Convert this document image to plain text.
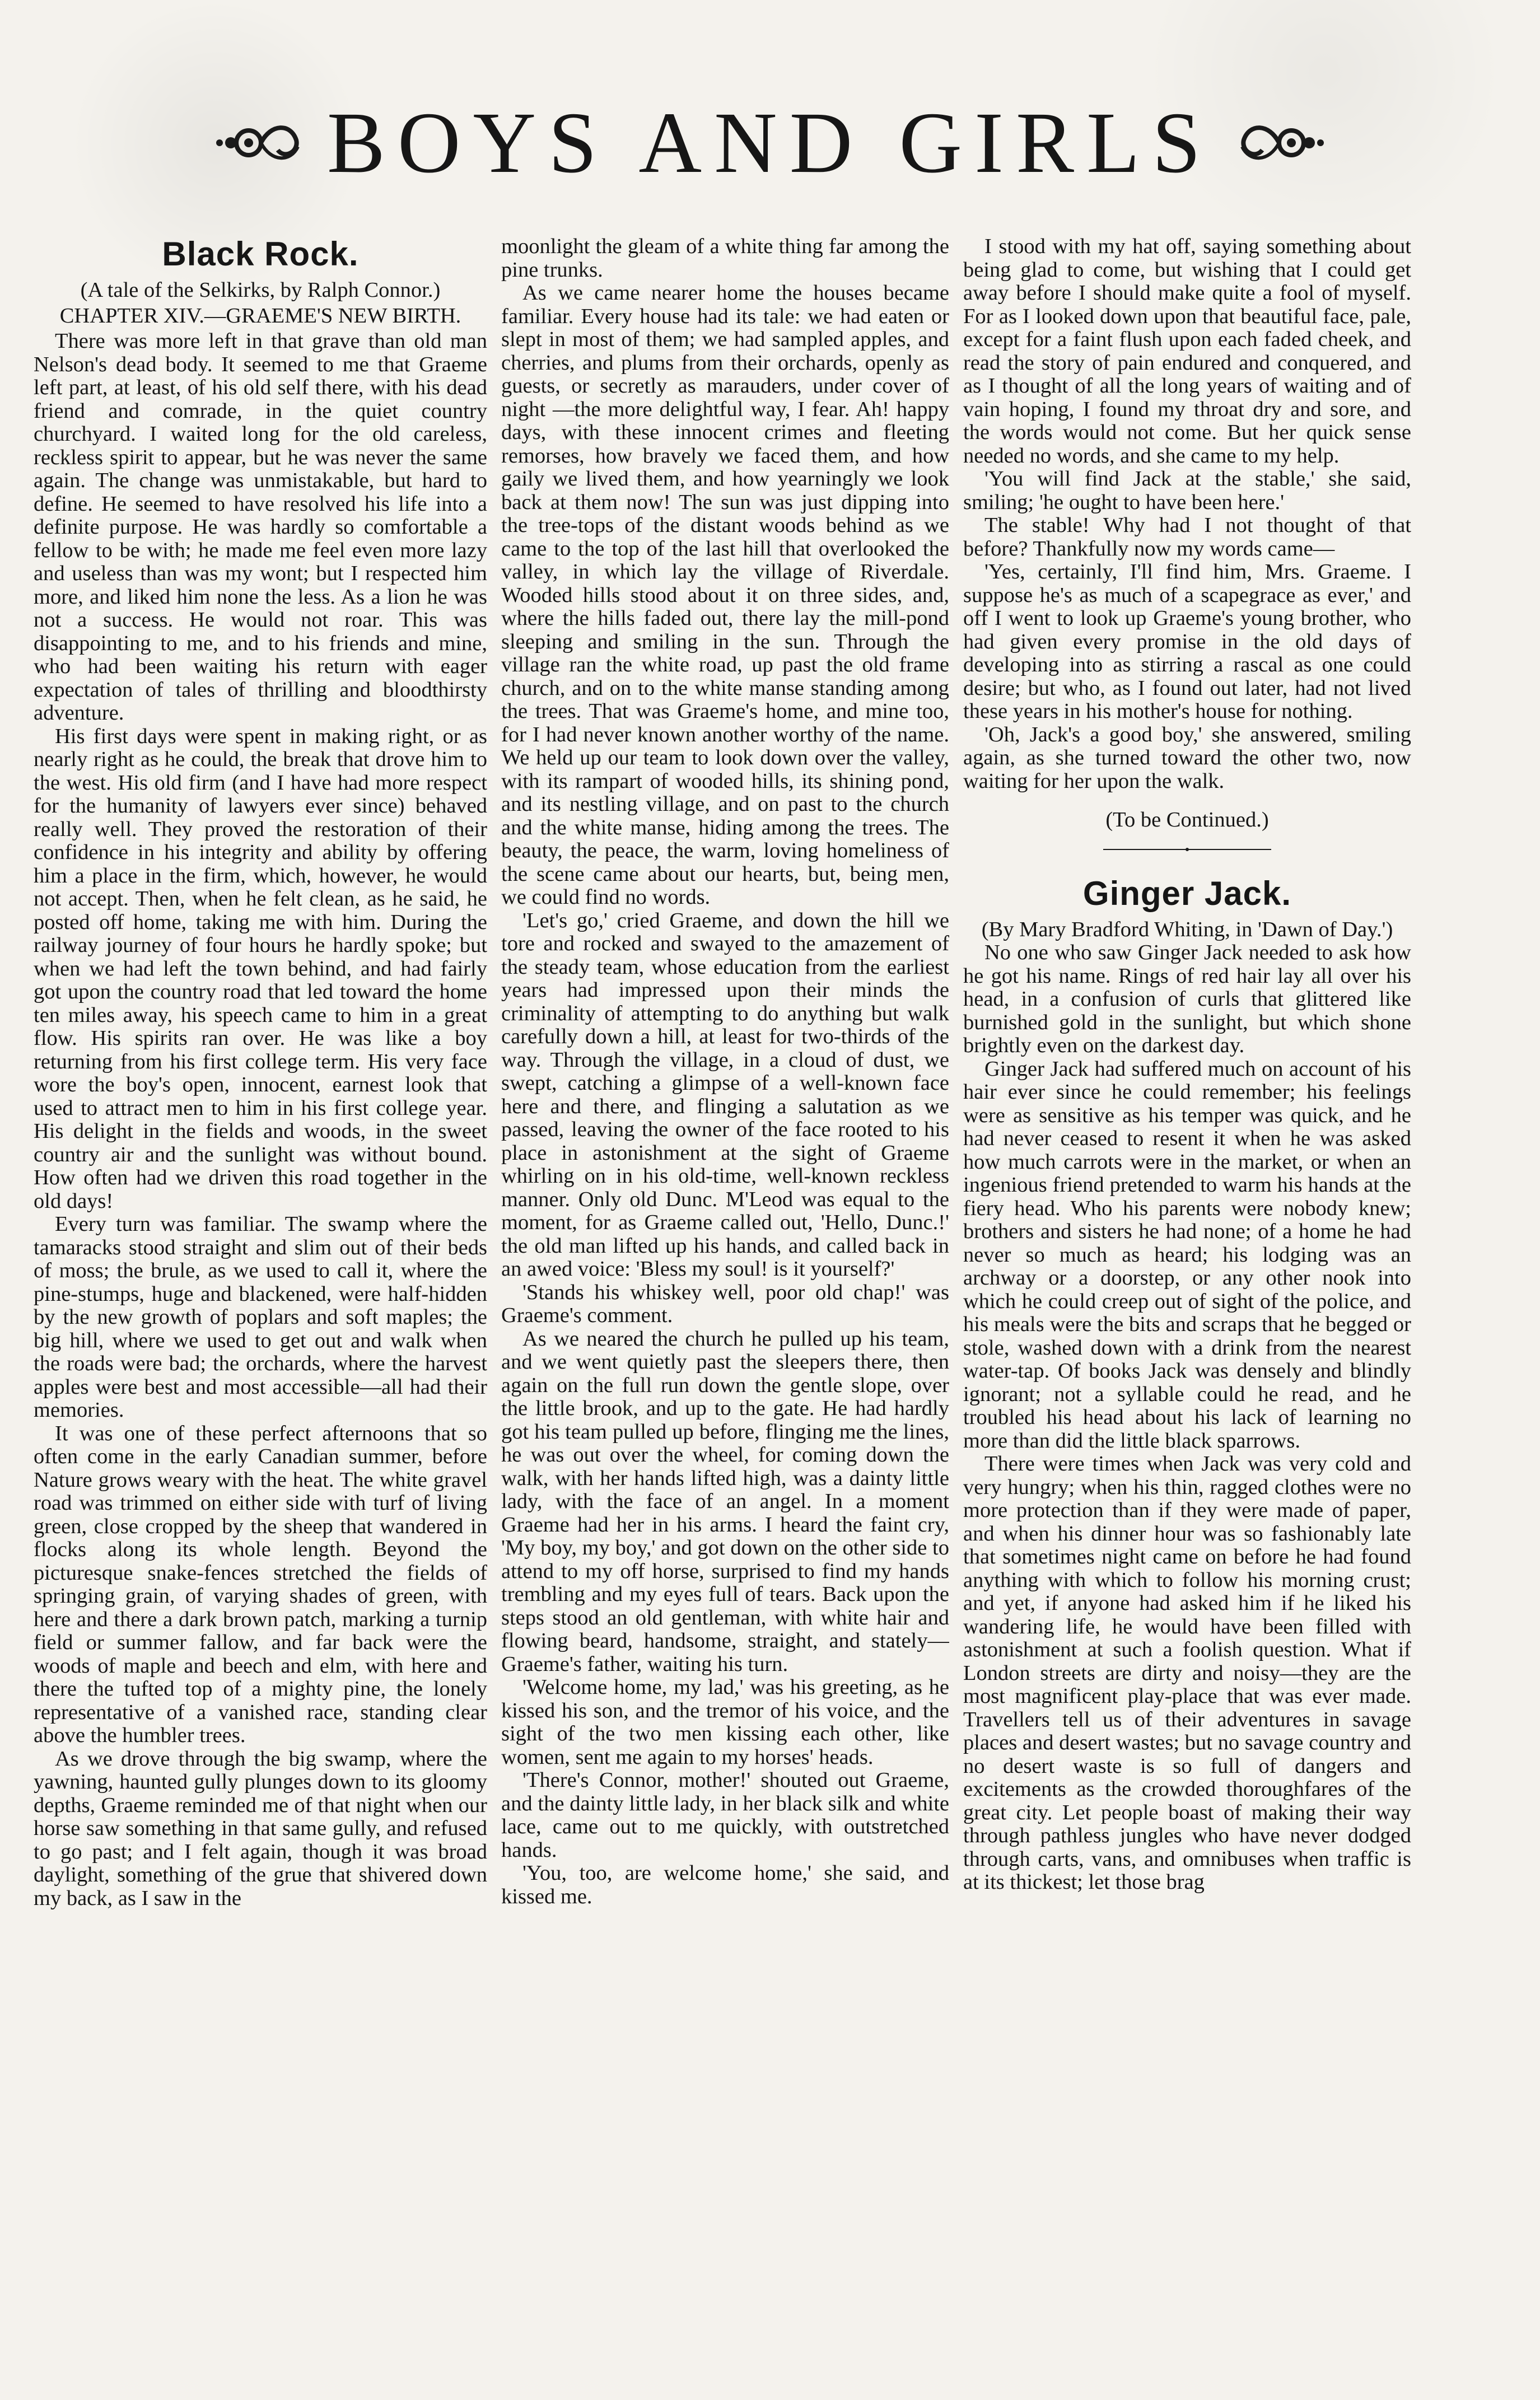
BOYS AND GIRLS
Black Rock.

(A tale of the Selkirks, by Ralph Connor.)

CHAPTER XIV.—GRAEME'S NEW BIRTH.

There was more left in that grave than old man Nelson's dead body. It seemed to me that Graeme left part, at least, of his old self there, with his dead friend and comrade, in the quiet country churchyard. I waited long for the old careless, reckless spirit to appear, but he was never the same again. The change was unmistakable, but hard to define. He seemed to have resolved his life into a definite purpose. He was hardly so comfortable a fellow to be with; he made me feel even more lazy and useless than was my wont; but I respected him more, and liked him none the less. As a lion he was not a success. He would not roar. This was disappointing to me, and to his friends and mine, who had been waiting his return with eager expectation of tales of thrilling and bloodthirsty adventure.

His first days were spent in making right, or as nearly right as he could, the break that drove him to the west. His old firm (and I have had more respect for the humanity of lawyers ever since) behaved really well. They proved the restoration of their confidence in his integrity and ability by offering him a place in the firm, which, however, he would not accept. Then, when he felt clean, as he said, he posted off home, taking me with him. During the railway journey of four hours he hardly spoke; but when we had left the town behind, and had fairly got upon the country road that led toward the home ten miles away, his speech came to him in a great flow. His spirits ran over. He was like a boy returning from his first college term. His very face wore the boy's open, innocent, earnest look that used to attract men to him in his first college year. His delight in the fields and woods, in the sweet country air and the sunlight was without bound. How often had we driven this road together in the old days!

Every turn was familiar. The swamp where the tamaracks stood straight and slim out of their beds of moss; the brule, as we used to call it, where the pine-stumps, huge and blackened, were half-hidden by the new growth of poplars and soft maples; the big hill, where we used to get out and walk when the roads were bad; the orchards, where the harvest apples were best and most accessible—all had their memories.

It was one of these perfect afternoons that so often come in the early Canadian summer, before Nature grows weary with the heat. The white gravel road was trimmed on either side with turf of living green, close cropped by the sheep that wandered in flocks along its whole length. Beyond the picturesque snake-fences stretched the fields of springing grain, of varying shades of green, with here and there a dark brown patch, marking a turnip field or summer fallow, and far back were the woods of maple and beech and elm, with here and there the tufted top of a mighty pine, the lonely representative of a vanished race, standing clear above the humbler trees.

As we drove through the big swamp, where the yawning, haunted gully plunges down to its gloomy depths, Graeme reminded me of that night when our horse saw something in that same gully, and refused to go past; and I felt again, though it was broad daylight, something of the grue that shivered down my back, as I saw in the

moonlight the gleam of a white thing far among the pine trunks.

As we came nearer home the houses became familiar. Every house had its tale: we had eaten or slept in most of them; we had sampled apples, and cherries, and plums from their orchards, openly as guests, or secretly as marauders, under cover of night —the more delightful way, I fear. Ah! happy days, with these innocent crimes and fleeting remorses, how bravely we faced them, and how gaily we lived them, and how yearningly we look back at them now! The sun was just dipping into the tree-tops of the distant woods behind as we came to the top of the last hill that overlooked the valley, in which lay the village of Riverdale. Wooded hills stood about it on three sides, and, where the hills faded out, there lay the mill-pond sleeping and smiling in the sun. Through the village ran the white road, up past the old frame church, and on to the white manse standing among the trees. That was Graeme's home, and mine too, for I had never known another worthy of the name. We held up our team to look down over the valley, with its rampart of wooded hills, its shining pond, and its nestling village, and on past to the church and the white manse, hiding among the trees. The beauty, the peace, the warm, loving homeliness of the scene came about our hearts, but, being men, we could find no words.

'Let's go,' cried Graeme, and down the hill we tore and rocked and swayed to the amazement of the steady team, whose education from the earliest years had impressed upon their minds the criminality of attempting to do anything but walk carefully down a hill, at least for two-thirds of the way. Through the village, in a cloud of dust, we swept, catching a glimpse of a well-known face here and there, and flinging a salutation as we passed, leaving the owner of the face rooted to his place in astonishment at the sight of Graeme whirling on in his old-time, well-known reckless manner. Only old Dunc. M'Leod was equal to the moment, for as Graeme called out, 'Hello, Dunc.!' the old man lifted up his hands, and called back in an awed voice: 'Bless my soul! is it yourself?'

'Stands his whiskey well, poor old chap!' was Graeme's comment.

As we neared the church he pulled up his team, and we went quietly past the sleepers there, then again on the full run down the gentle slope, over the little brook, and up to the gate. He had hardly got his team pulled up before, flinging me the lines, he was out over the wheel, for coming down the walk, with her hands lifted high, was a dainty little lady, with the face of an angel. In a moment Graeme had her in his arms. I heard the faint cry, 'My boy, my boy,' and got down on the other side to attend to my off horse, surprised to find my hands trembling and my eyes full of tears. Back upon the steps stood an old gentleman, with white hair and flowing beard, handsome, straight, and stately—Graeme's father, waiting his turn.

'Welcome home, my lad,' was his greeting, as he kissed his son, and the tremor of his voice, and the sight of the two men kissing each other, like women, sent me again to my horses' heads.

'There's Connor, mother!' shouted out Graeme, and the dainty little lady, in her black silk and white lace, came out to me quickly, with outstretched hands.

'You, too, are welcome home,' she said, and kissed me.

I stood with my hat off, saying something about being glad to come, but wishing that I could get away before I should make quite a fool of myself. For as I looked down upon that beautiful face, pale, except for a faint flush upon each faded cheek, and read the story of pain endured and conquered, and as I thought of all the long years of waiting and of vain hoping, I found my throat dry and sore, and the words would not come. But her quick sense needed no words, and she came to my help.

'You will find Jack at the stable,' she said, smiling; 'he ought to have been here.'

The stable! Why had I not thought of that before? Thankfully now my words came—

'Yes, certainly, I'll find him, Mrs. Graeme. I suppose he's as much of a scapegrace as ever,' and off I went to look up Graeme's young brother, who had given every promise in the old days of developing into as stirring a rascal as one could desire; but who, as I found out later, had not lived these years in his mother's house for nothing.

'Oh, Jack's a good boy,' she answered, smiling again, as she turned toward the other two, now waiting for her upon the walk.

(To be Continued.)

Ginger Jack.

(By Mary Bradford Whiting, in 'Dawn of Day.')

No one who saw Ginger Jack needed to ask how he got his name. Rings of red hair lay all over his head, in a confusion of curls that glittered like burnished gold in the sunlight, but which shone brightly even on the darkest day.

Ginger Jack had suffered much on account of his hair ever since he could remember; his feelings were as sensitive as his temper was quick, and he had never ceased to resent it when he was asked how much carrots were in the market, or when an ingenious friend pretended to warm his hands at the fiery head. Who his parents were nobody knew; brothers and sisters he had none; of a home he had never so much as heard; his lodging was an archway or a doorstep, or any other nook into which he could creep out of sight of the police, and his meals were the bits and scraps that he begged or stole, washed down with a drink from the nearest water-tap. Of books Jack was densely and blindly ignorant; not a syllable could he read, and he troubled his head about his lack of learning no more than did the little black sparrows.

There were times when Jack was very cold and very hungry; when his thin, ragged clothes were no more protection than if they were made of paper, and when his dinner hour was so fashionably late that sometimes night came on before he had found anything with which to follow his morning crust; and yet, if anyone had asked him if he liked his wandering life, he would have been filled with astonishment at such a foolish question. What if London streets are dirty and noisy—they are the most magnificent play-place that was ever made. Travellers tell us of their adventures in savage places and desert wastes; but no savage country and no desert waste is so full of dangers and excitements as the crowded thoroughfares of the great city. Let people boast of making their way through pathless jungles who have never dodged through carts, vans, and omnibuses when traffic is at its thickest; let those brag
